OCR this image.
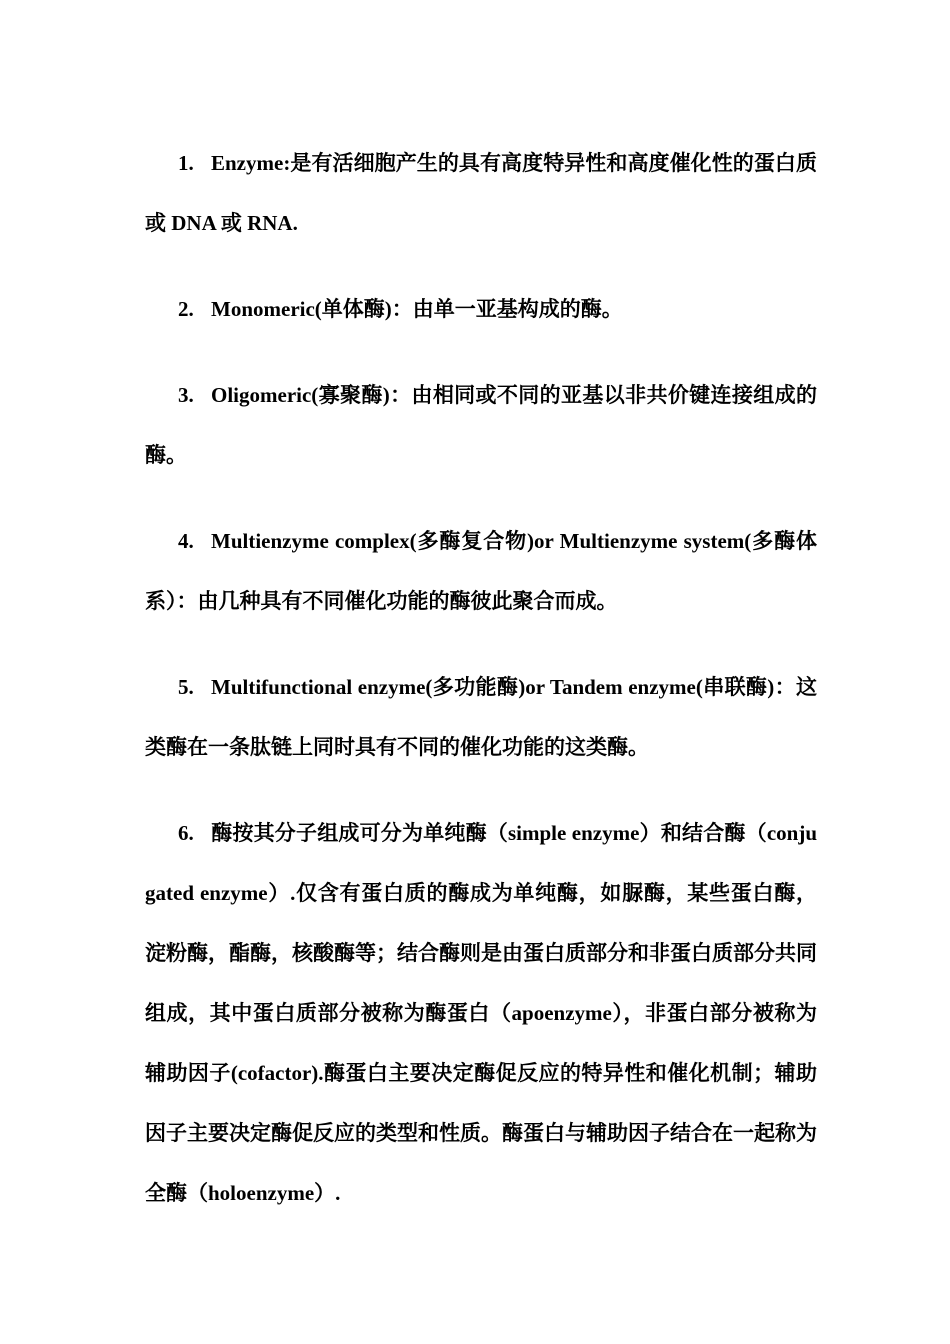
1. Enzyme:是有活细胞产生的具有高度特异性和高度催化性的蛋白质或 DNA 或 RNA.

2. Monomeric(单体酶)：由单一亚基构成的酶。

3. Oligomeric(寡聚酶)：由相同或不同的亚基以非共价键连接组成的酶。

4. Multienzyme complex(多酶复合物)or Multienzyme system(多酶体系）：由几种具有不同催化功能的酶彼此聚合而成。

5. Multifunctional enzyme(多功能酶)or Tandem enzyme(串联酶)：这类酶在一条肽链上同时具有不同的催化功能的这类酶。

6. 酶按其分子组成可分为单纯酶（simple enzyme）和结合酶（conjugated enzyme）.仅含有蛋白质的酶成为单纯酶，如脲酶，某些蛋白酶，淀粉酶，酯酶，核酸酶等；结合酶则是由蛋白质部分和非蛋白质部分共同组成，其中蛋白质部分被称为酶蛋白（apoenzyme），非蛋白部分被称为辅助因子(cofactor).酶蛋白主要决定酶促反应的特异性和催化机制；辅助因子主要决定酶促反应的类型和性质。酶蛋白与辅助因子结合在一起称为全酶（holoenzyme）.
